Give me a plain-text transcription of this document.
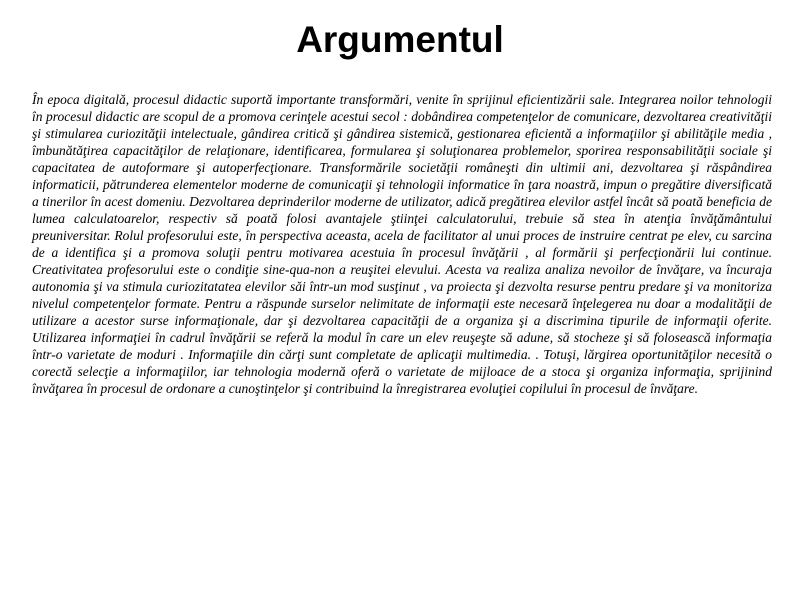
Argumentul

În epoca digitală, procesul didactic suportă importante transformări, venite în sprijinul eficientizării sale. Integrarea noilor tehnologii în procesul didactic are scopul de a promova cerinţele acestui secol : dobândirea competenţelor de comunicare, dezvoltarea creativităţii şi stimularea curiozităţii intelectuale, gândirea critică şi gândirea sistemică, gestionarea eficientă a informaţiilor şi abilităţile media , îmbunătăţirea capacităţilor de relaţionare, identificarea, formularea şi soluţionarea problemelor, sporirea responsabilităţii sociale şi capacitatea de autoformare şi autoperfecţionare. Transformările societăţii româneşti din ultimii ani, dezvoltarea şi răspândirea informaticii, pătrunderea elementelor moderne de comunicaţii şi tehnologii informatice în ţara noastră, impun o pregătire diversificată a tinerilor în acest domeniu. Dezvoltarea deprinderilor moderne de utilizator, adică pregătirea elevilor astfel încât să poată beneficia de lumea calculatoarelor, respectiv să poată folosi avantajele ştiinţei calculatorului, trebuie să stea în atenţia învăţământului preuniversitar. Rolul profesorului este, în perspectiva aceasta, acela de facilitator al unui proces de instruire centrat pe elev, cu sarcina de a identifica şi a promova soluţii pentru motivarea acestuia în procesul învăţării , al formării şi perfecţionării lui continue. Creativitatea profesorului este o condiţie sine-qua-non a reuşitei elevului. Acesta va realiza analiza nevoilor de învăţare, va încuraja autonomia şi va stimula curiozitatatea elevilor săi într-un mod susţinut , va proiecta şi dezvolta resurse pentru predare şi va monitoriza nivelul competenţelor formate. Pentru a răspunde surselor nelimitate de informaţii este necesară înţelegerea nu doar a modalităţii de utilizare a acestor surse informaţionale, dar şi dezvoltarea capacităţii de a organiza şi a discrimina tipurile de informaţii oferite. Utilizarea informaţiei în cadrul învăţării se referă la modul în care un elev reuşeşte să adune, să stocheze şi să folosească informaţia într-o varietate de moduri . Informaţiile din cărţi sunt completate de aplicaţii multimedia. . Totuşi, lărgirea oportunităţilor necesită o corectă selecţie a informaţiilor, iar tehnologia modernă oferă o varietate de mijloace de a stoca şi organiza informaţia, sprijinind învăţarea în procesul de ordonare a cunoştinţelor şi contribuind la înregistrarea evoluţiei copilului în procesul de învăţare.
